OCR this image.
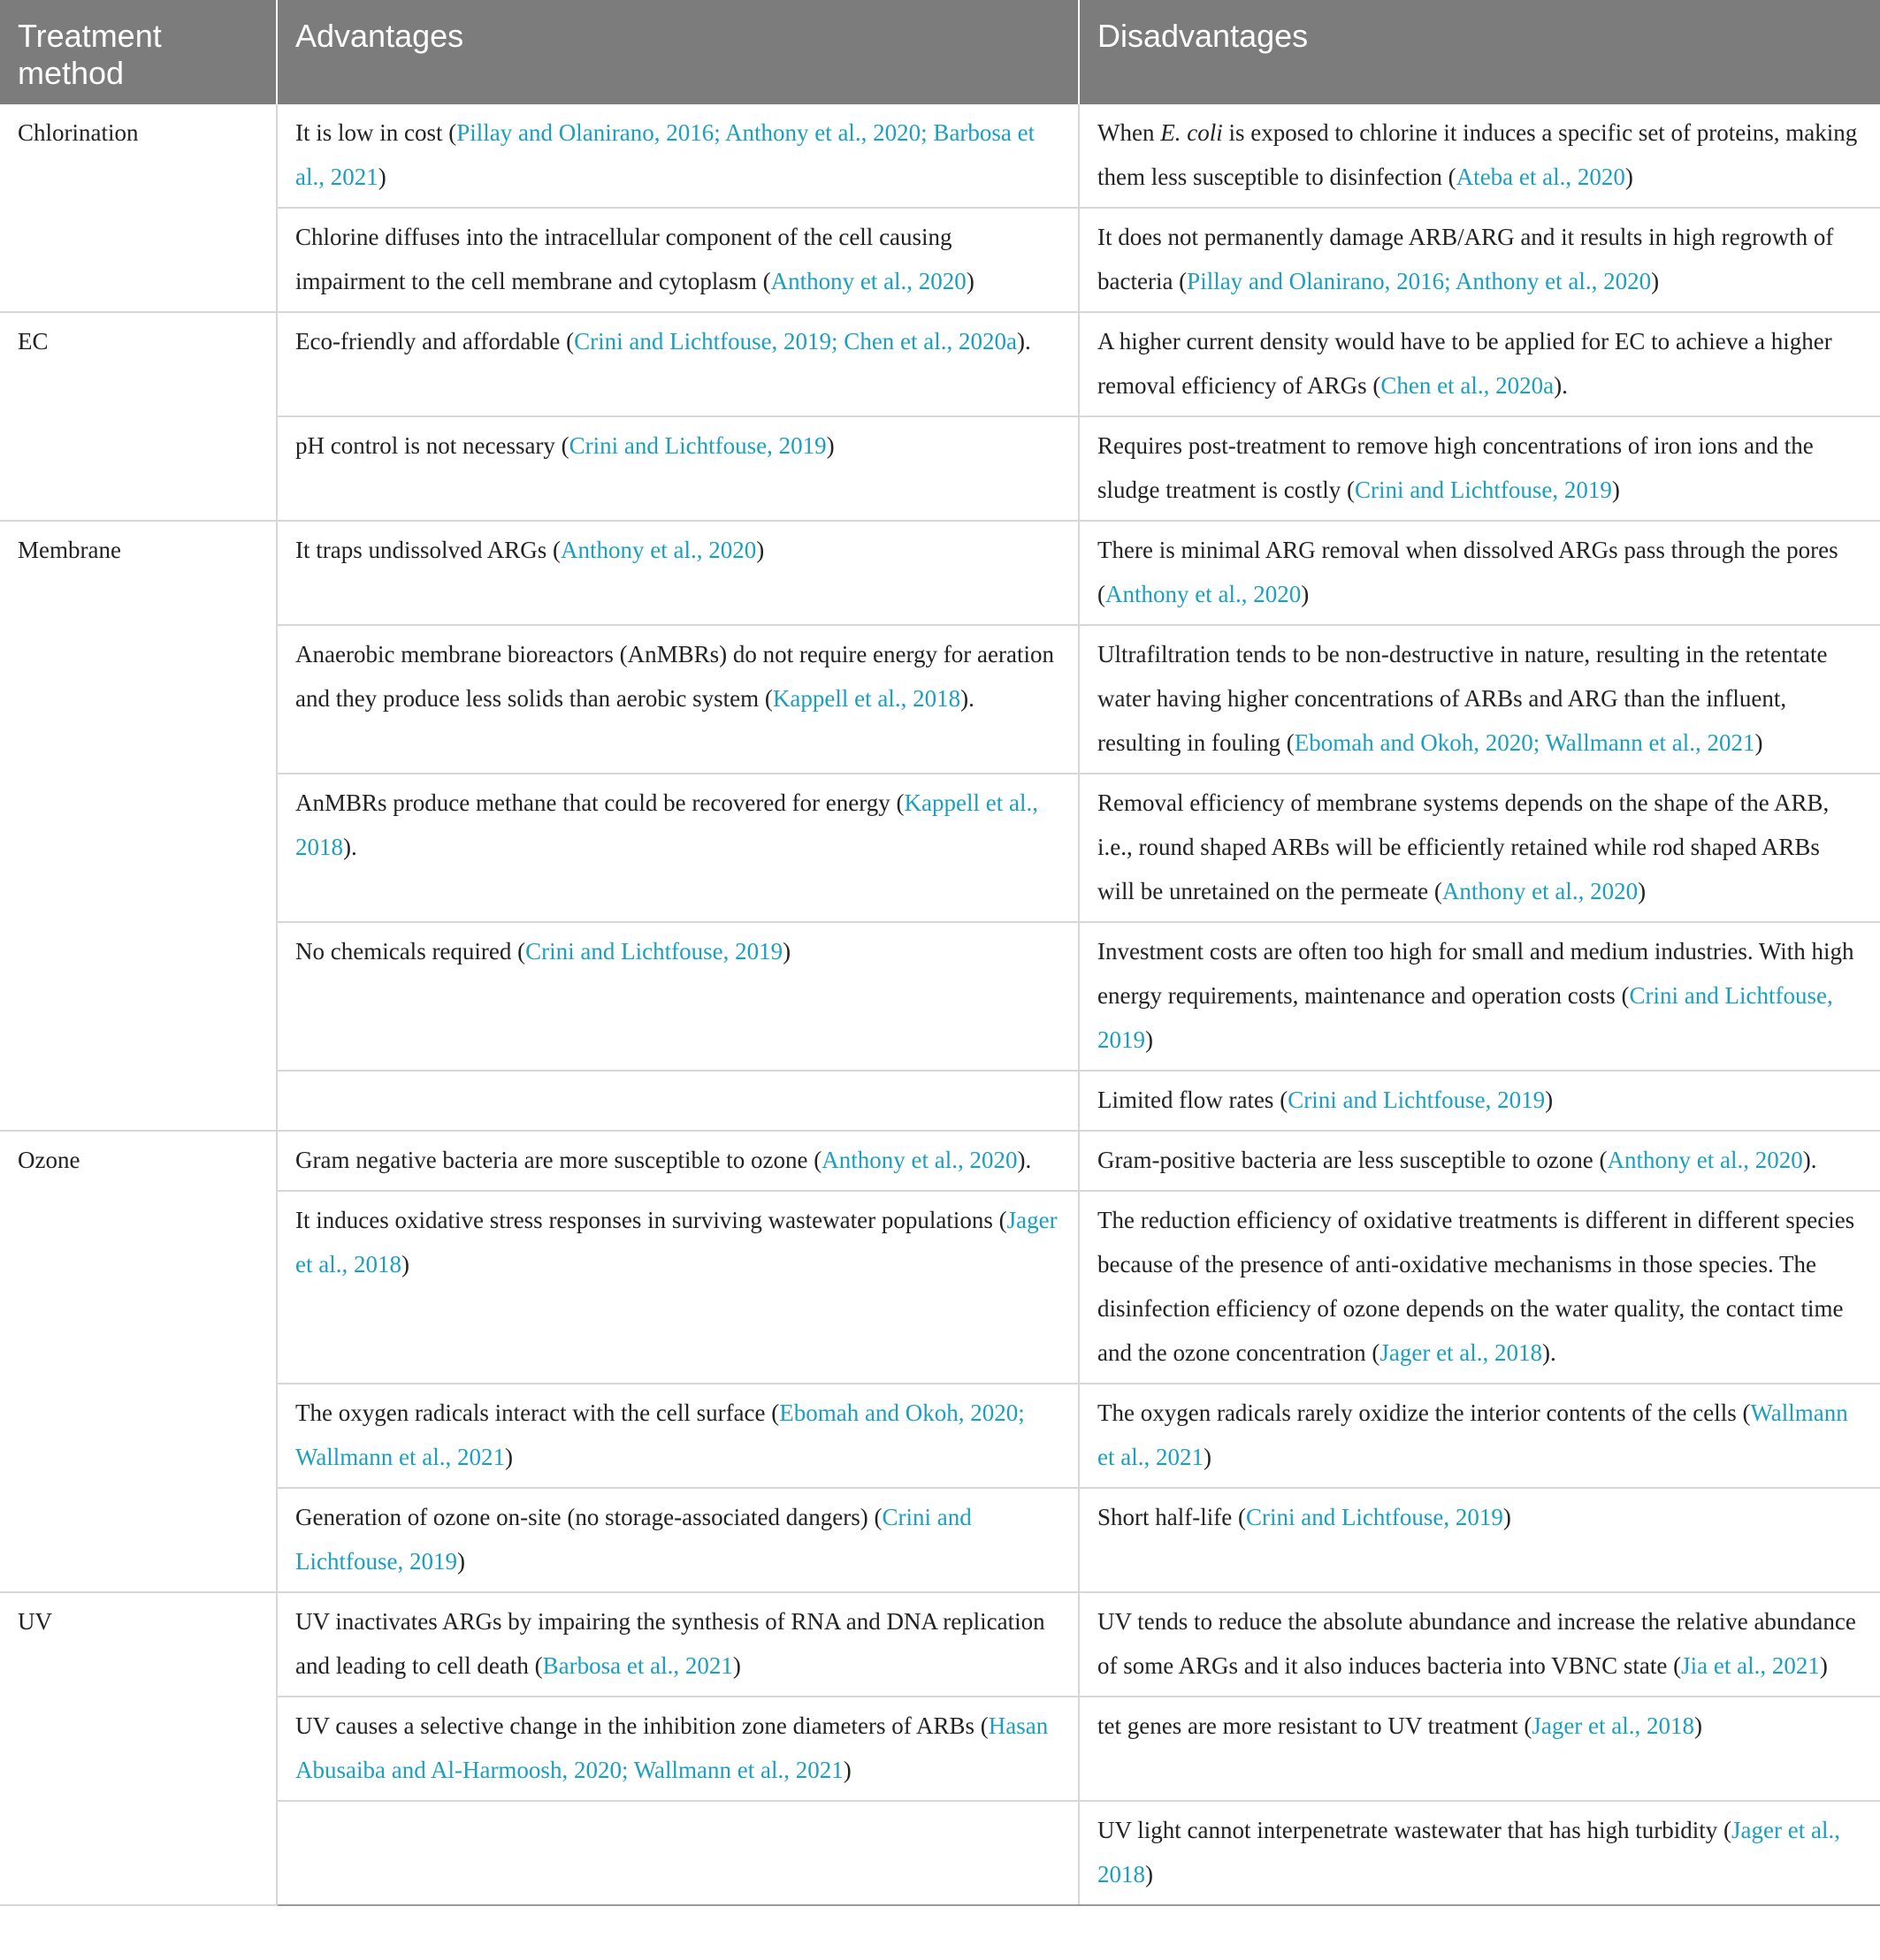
Treatment method	Advantages	Disadvantages
Chlorination	It is low in cost (Pillay and Olanirano, 2016; Anthony et al., 2020; Barbosa et al., 2021)	When E. coli is exposed to chlorine it induces a specific set of proteins, making them less susceptible to disinfection (Ateba et al., 2020)
	Chlorine diffuses into the intracellular component of the cell causing impairment to the cell membrane and cytoplasm (Anthony et al., 2020)	It does not permanently damage ARB/ARG and it results in high regrowth of bacteria (Pillay and Olanirano, 2016; Anthony et al., 2020)
EC	Eco-friendly and affordable (Crini and Lichtfouse, 2019; Chen et al., 2020a).	A higher current density would have to be applied for EC to achieve a higher removal efficiency of ARGs (Chen et al., 2020a).
	pH control is not necessary (Crini and Lichtfouse, 2019)	Requires post-treatment to remove high concentrations of iron ions and the sludge treatment is costly (Crini and Lichtfouse, 2019)
Membrane	It traps undissolved ARGs (Anthony et al., 2020)	There is minimal ARG removal when dissolved ARGs pass through the pores (Anthony et al., 2020)
	Anaerobic membrane bioreactors (AnMBRs) do not require energy for aeration and they produce less solids than aerobic system (Kappell et al., 2018).	Ultrafiltration tends to be non-destructive in nature, resulting in the retentate water having higher concentrations of ARBs and ARG than the influent, resulting in fouling (Ebomah and Okoh, 2020; Wallmann et al., 2021)
	AnMBRs produce methane that could be recovered for energy (Kappell et al., 2018).	Removal efficiency of membrane systems depends on the shape of the ARB, i.e., round shaped ARBs will be efficiently retained while rod shaped ARBs will be unretained on the permeate (Anthony et al., 2020)
	No chemicals required (Crini and Lichtfouse, 2019)	Investment costs are often too high for small and medium industries. With high energy requirements, maintenance and operation costs (Crini and Lichtfouse, 2019)
		Limited flow rates (Crini and Lichtfouse, 2019)
Ozone	Gram negative bacteria are more susceptible to ozone (Anthony et al., 2020).	Gram-positive bacteria are less susceptible to ozone (Anthony et al., 2020).
	It induces oxidative stress responses in surviving wastewater populations (Jager et al., 2018)	The reduction efficiency of oxidative treatments is different in different species because of the presence of anti-oxidative mechanisms in those species. The disinfection efficiency of ozone depends on the water quality, the contact time and the ozone concentration (Jager et al., 2018).
	The oxygen radicals interact with the cell surface (Ebomah and Okoh, 2020; Wallmann et al., 2021)	The oxygen radicals rarely oxidize the interior contents of the cells (Wallmann et al., 2021)
	Generation of ozone on-site (no storage-associated dangers) (Crini and Lichtfouse, 2019)	Short half-life (Crini and Lichtfouse, 2019)
UV	UV inactivates ARGs by impairing the synthesis of RNA and DNA replication and leading to cell death (Barbosa et al., 2021)	UV tends to reduce the absolute abundance and increase the relative abundance of some ARGs and it also induces bacteria into VBNC state (Jia et al., 2021)
	UV causes a selective change in the inhibition zone diameters of ARBs (Hasan Abusaiba and Al-Harmoosh, 2020; Wallmann et al., 2021)	tet genes are more resistant to UV treatment (Jager et al., 2018)
		UV light cannot interpenetrate wastewater that has high turbidity (Jager et al., 2018)
